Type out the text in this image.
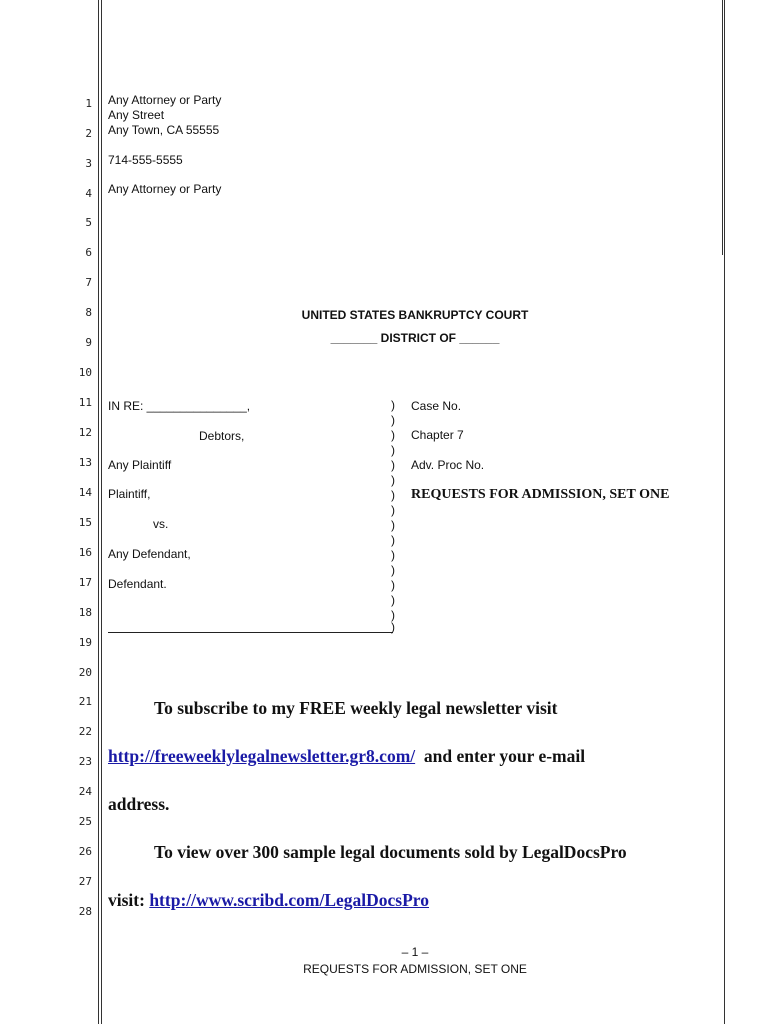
1
2
3
4
5
6
7
8
9
10
11
12
13
14
15
16
17
18
19
20
21
22
23
24
25
26
27
28
Any Attorney or Party
Any Street
Any Town, CA 55555
714-555-5555
Any Attorney or Party
UNITED STATES BANKRUPTCY COURT
_______ DISTRICT OF ______
IN RE: _______________,
Debtors,
Any Plaintiff
Plaintiff,
vs.
Any Defendant,
Defendant.
)
)
)
)
)
)
)
)
)
)
)
)
)
)
)
)
Case No.
Chapter 7
Adv. Proc No.
REQUESTS FOR ADMISSION, SET ONE
To subscribe to my FREE weekly legal newsletter visit
http://freeweeklylegalnewsletter.gr8.com/ and enter your e-mail
address.
To view over 300 sample legal documents sold by LegalDocsPro
visit: http://www.scribd.com/LegalDocsPro
– 1 –
REQUESTS FOR ADMISSION, SET ONE
